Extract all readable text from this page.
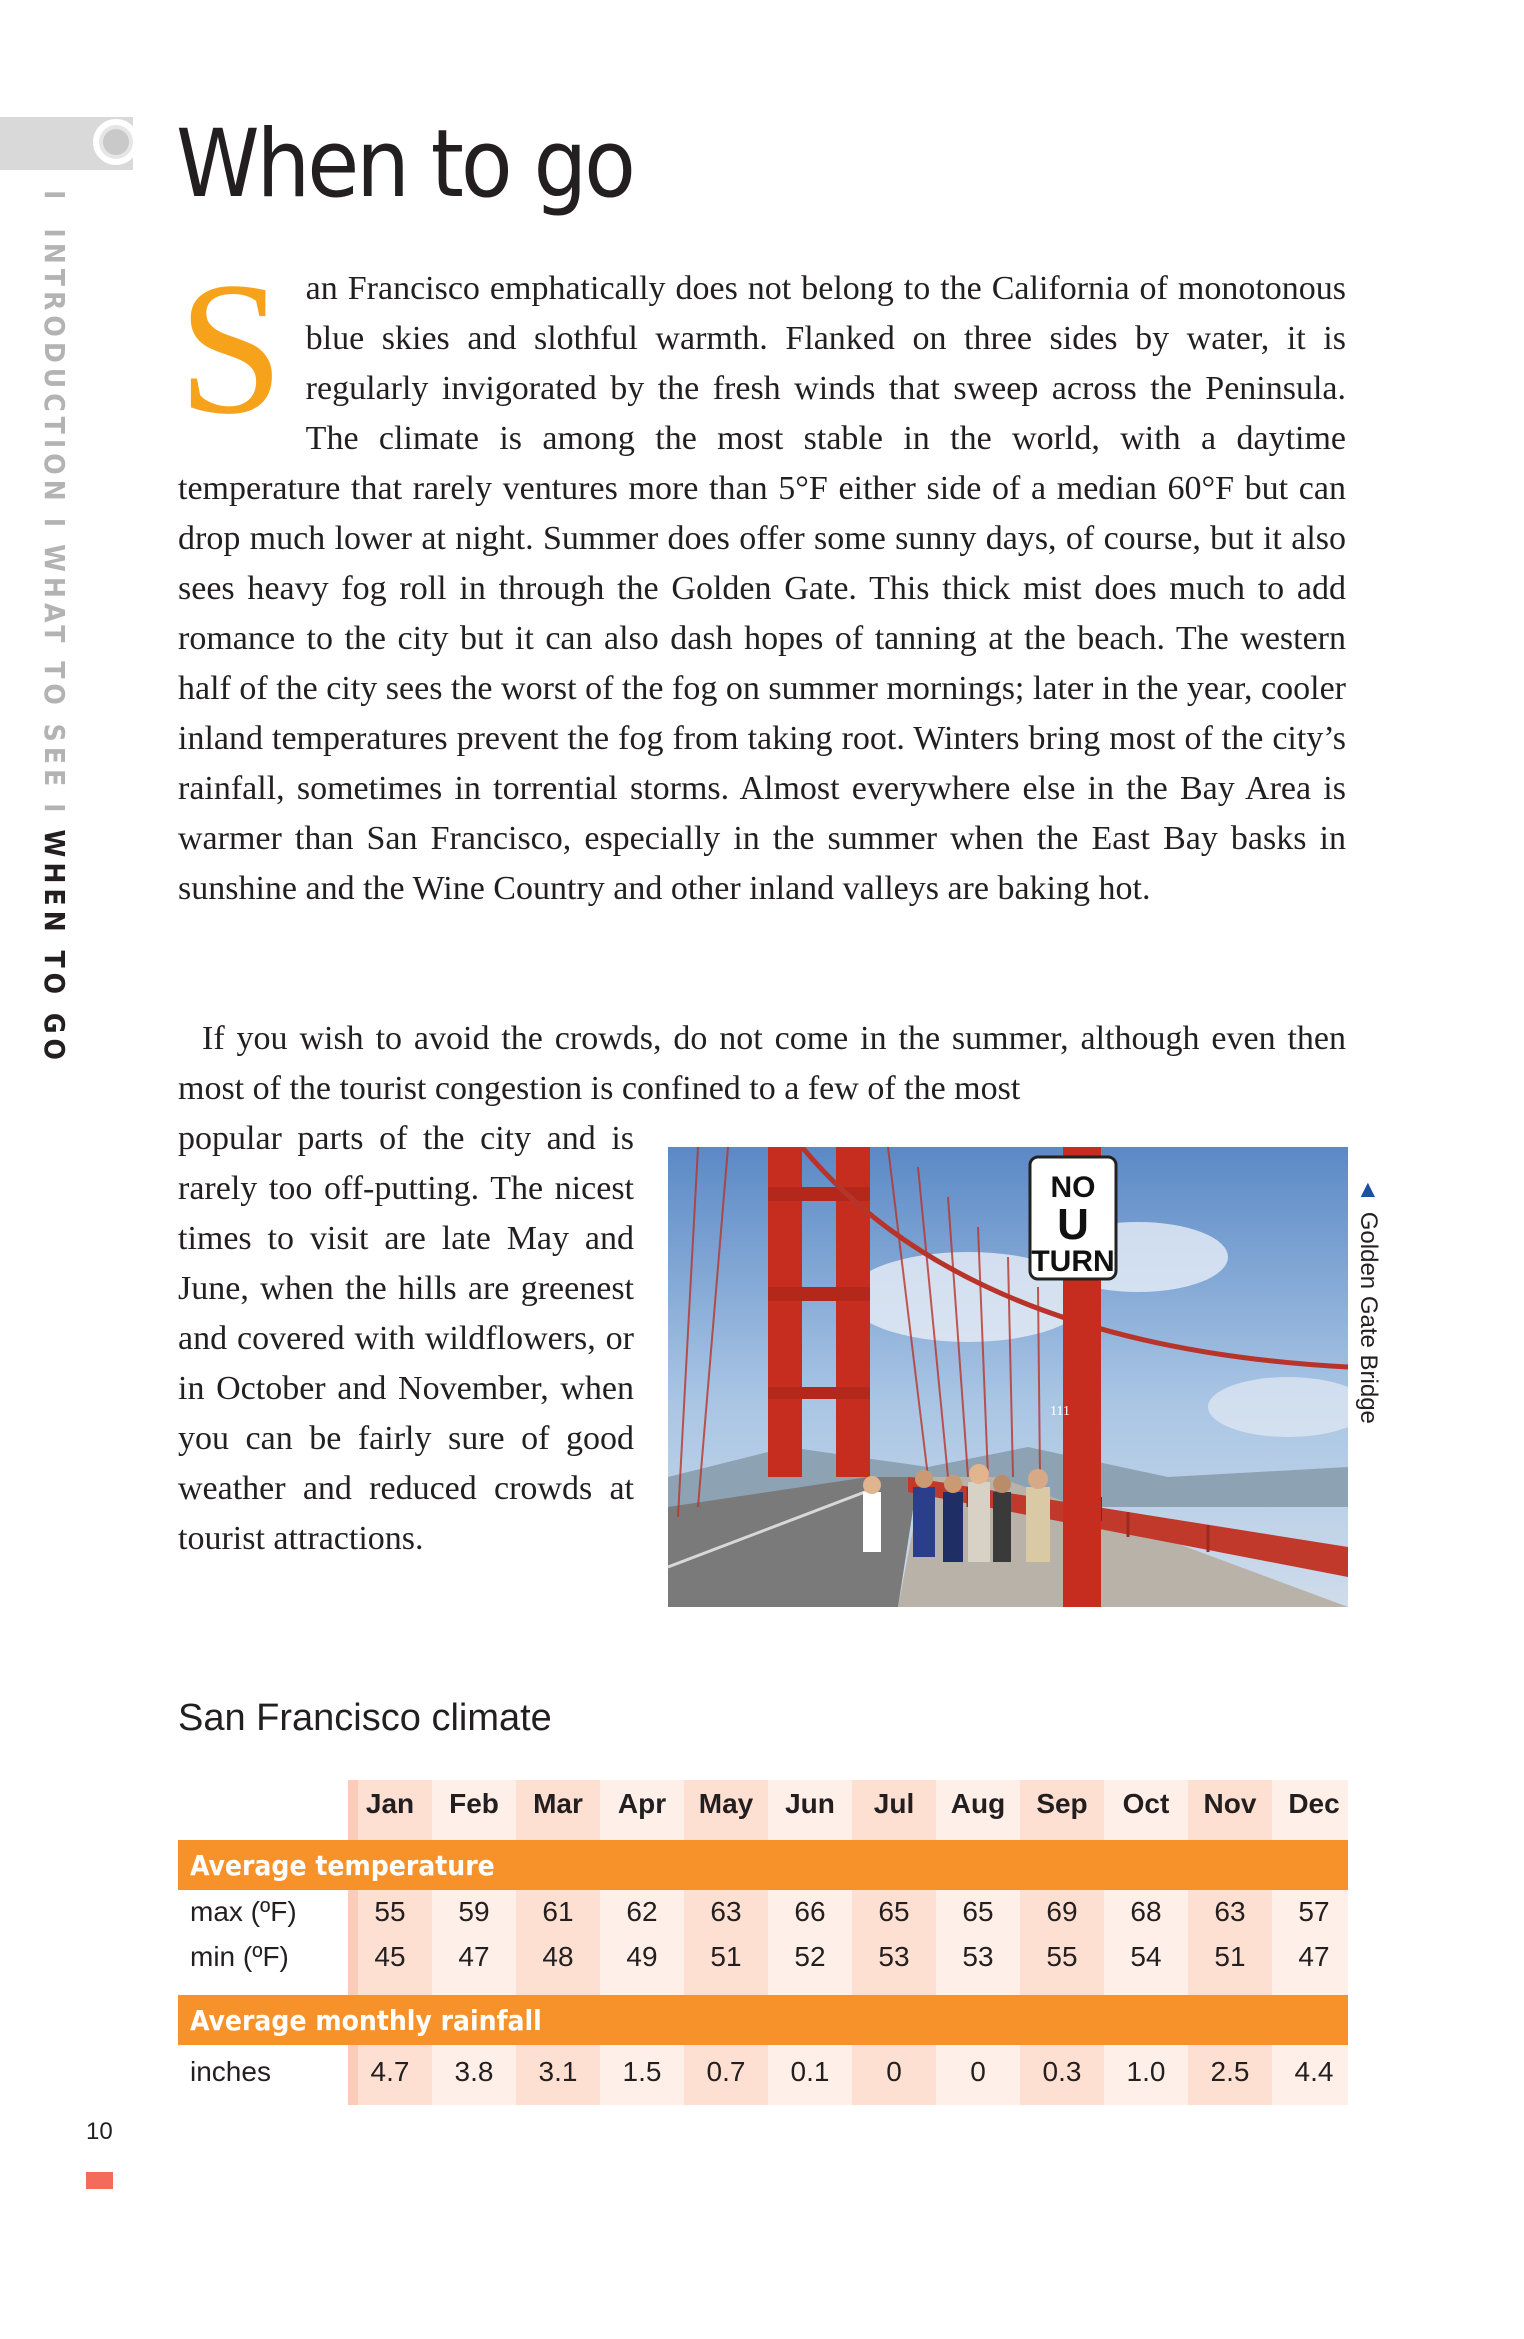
IINTRODUCTIONIWHAT TO SEEIWHEN TO GO
When to go

San Francisco emphatically does not belong to the California of monotonous blue skies and slothful warmth. Flanked on three sides by water, it is regularly invigorated by the fresh winds that sweep across the Peninsula. The climate is among the most stable in the world, with a daytime temperature that rarely ventures more than 5°F either side of a median 60°F but can drop much lower at night. Summer does offer some sunny days, of course, but it also sees heavy fog roll in through the Golden Gate. This thick mist does much to add romance to the city but it can also dash hopes of tanning at the beach. The western half of the city sees the worst of the fog on summer mornings; later in the year, cooler inland temperatures prevent the fog from taking root. Winters bring most of the city’s rainfall, sometimes in torrential storms. Almost everywhere else in the Bay Area is warmer than San Francisco, especially in the summer when the East Bay basks in sunshine and the Wine Country and other inland valleys are baking hot.

If you wish to avoid the crowds, do not come in the summer, although even then most of the tourist congestion is confined to a few of the most

popular parts of the city and is rarely too off-putting. The nicest times to visit are late May and June, when the hills are greenest and covered with wildflowers, or in October and November, when you can be fairly sure of good weather and reduced crowds at tourist attractions.

NO
U
TURN
111
◄Golden Gate Bridge
San Francisco climate
Average temperature
max (ºF)
min (ºF)
Average monthly rainfall
inches
Jan
55
45
4.7
Feb
59
47
3.8
Mar
61
48
3.1
Apr
62
49
1.5
May
63
51
0.7
Jun
66
52
0.1
Jul
65
53
0
Aug
65
53
0
Sep
69
55
0.3
Oct
68
54
1.0
Nov
63
51
2.5
Dec
57
47
4.4
10
